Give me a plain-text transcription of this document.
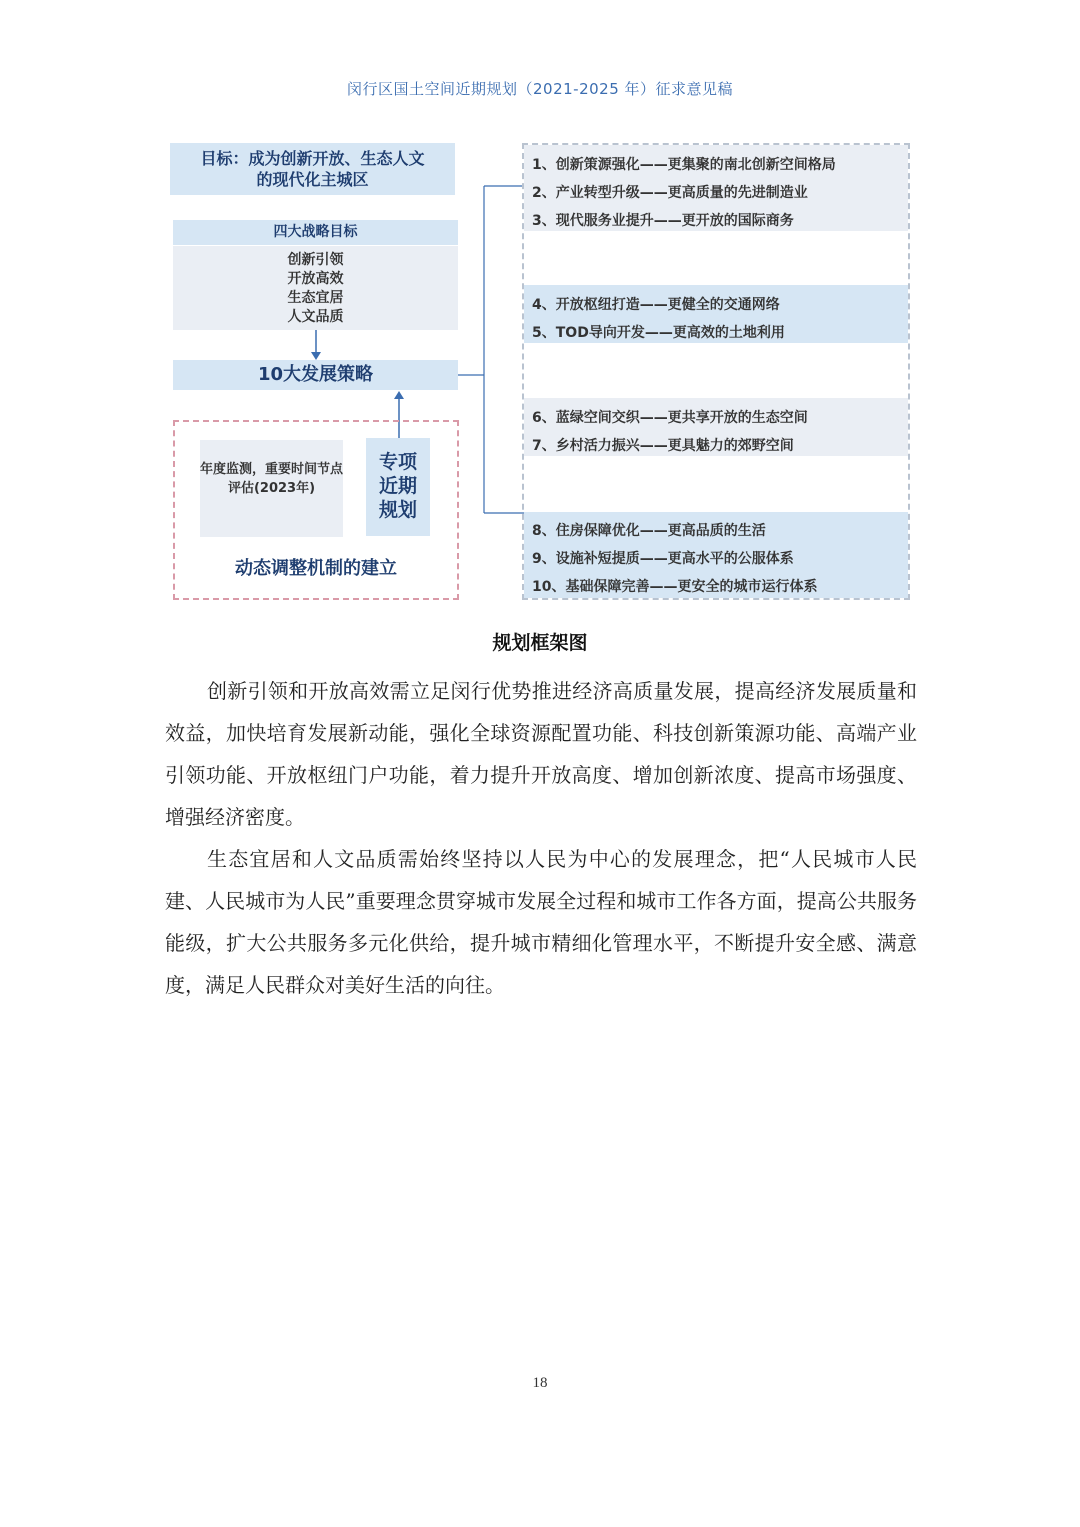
闵行区国土空间近期规划（2021-2025 年）征求意见稿
目标：成为创新开放、生态人文
的现代化主城区
四大战略目标
创新引领
开放高效
生态宜居
人文品质
10大发展策略
年度监测，重要时间节点评估(2023年)
专项
近期
规划
动态调整机制的建立
1、创新策源强化——更集聚的南北创新空间格局
2、产业转型升级——更高质量的先进制造业
3、现代服务业提升——更开放的国际商务
4、开放枢纽打造——更健全的交通网络
5、TOD导向开发——更高效的土地利用
6、蓝绿空间交织——更共享开放的生态空间
7、乡村活力振兴——更具魅力的郊野空间
8、住房保障优化——更高品质的生活
9、设施补短提质——更高水平的公服体系
10、基础保障完善——更安全的城市运行体系
规划框架图

创新引领和开放高效需立足闵行优势推进经济高质量发展，提高经济发展质量和效益，加快培育发展新动能，强化全球资源配置功能、科技创新策源功能、高端产业引领功能、开放枢纽门户功能，着力提升开放高度、增加创新浓度、提高市场强度、增强经济密度。

生态宜居和人文品质需始终坚持以人民为中心的发展理念，把“人民城市人民建、人民城市为人民”重要理念贯穿城市发展全过程和城市工作各方面，提高公共服务能级，扩大公共服务多元化供给，提升城市精细化管理水平，不断提升安全感、满意度，满足人民群众对美好生活的向往。

18
